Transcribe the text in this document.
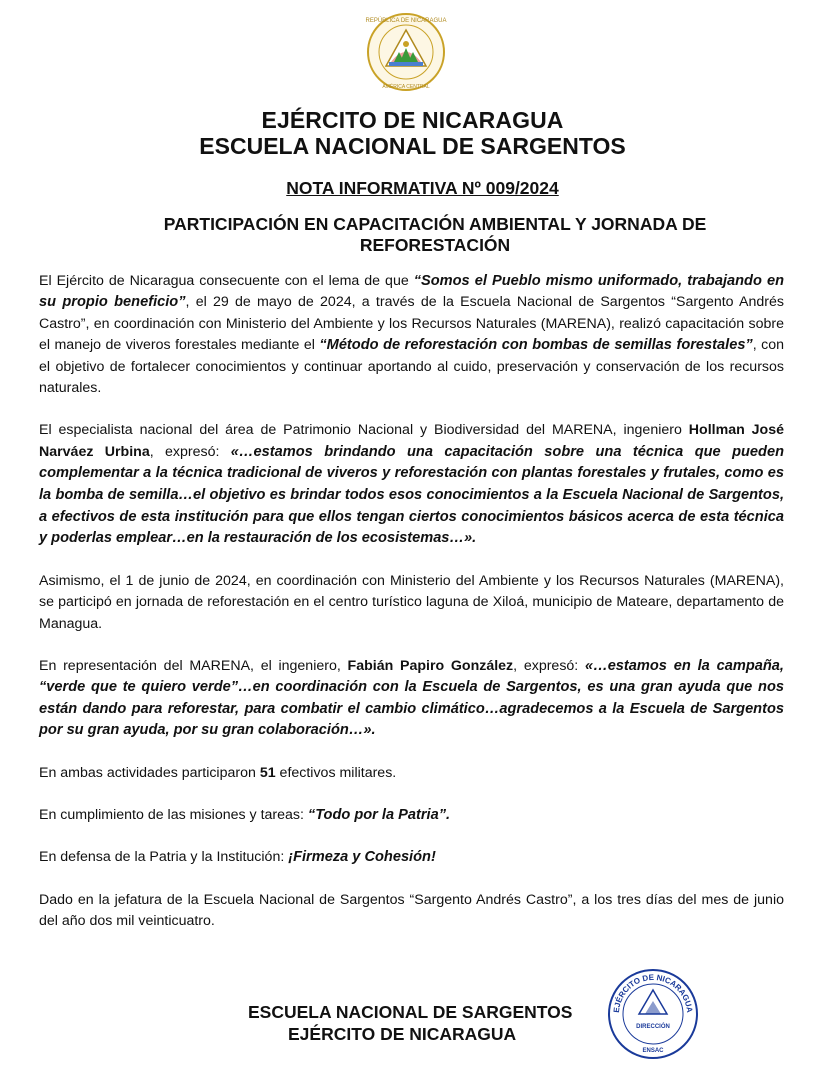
REPÚBLICA DE NICARAGUA
AMÉRICA CENTRAL
EJÉRCITO DE NICARAGUA
ESCUELA NACIONAL DE SARGENTOS
NOTA INFORMATIVA Nº 009/2024
PARTICIPACIÓN EN CAPACITACIÓN AMBIENTAL Y JORNADA DE REFORESTACIÓN

El Ejército de Nicaragua consecuente con el lema de que “Somos el Pueblo mismo uniformado, trabajando en su propio beneficio”, el 29 de mayo de 2024, a través de la Escuela Nacional de Sargentos “Sargento Andrés Castro”, en coordinación con Ministerio del Ambiente y los Recursos Naturales (MARENA), realizó capacitación sobre el manejo de viveros forestales mediante el “Método de reforestación con bombas de semillas forestales”, con el objetivo de fortalecer conocimientos y continuar aportando al cuido, preservación y conservación de los recursos naturales.

El especialista nacional del área de Patrimonio Nacional y Biodiversidad del MARENA, ingeniero Hollman José Narváez Urbina, expresó: «…estamos brindando una capacitación sobre una técnica que pueden complementar a la técnica tradicional de viveros y reforestación con plantas forestales y frutales, como es la bomba de semilla…el objetivo es brindar todos esos conocimientos a la Escuela Nacional de Sargentos, a efectivos de esta institución para que ellos tengan ciertos conocimientos básicos acerca de esta técnica y poderlas emplear…en la restauración de los ecosistemas…».

Asimismo, el 1 de junio de 2024, en coordinación con Ministerio del Ambiente y los Recursos Naturales (MARENA), se participó en jornada de reforestación en el centro turístico laguna de Xiloá, municipio de Mateare, departamento de Managua.

En representación del MARENA, el ingeniero, Fabián Papiro González, expresó: «…estamos en la campaña, “verde que te quiero verde”…en coordinación con la Escuela de Sargentos, es una gran ayuda que nos están dando para reforestar, para combatir el cambio climático…agradecemos a la Escuela de Sargentos por su gran ayuda, por su gran colaboración…».

En ambas actividades participaron 51 efectivos militares.

En cumplimiento de las misiones y tareas: “Todo por la Patria”.

En defensa de la Patria y la Institución: ¡Firmeza y Cohesión!

Dado en la jefatura de la Escuela Nacional de Sargentos “Sargento Andrés Castro”, a los tres días del mes de junio del año dos mil veinticuatro.

ESCUELA NACIONAL DE SARGENTOS
EJÉRCITO DE NICARAGUA
EJÉRCITO DE NICARAGUA
DIRECCIÓN
ENSAC
